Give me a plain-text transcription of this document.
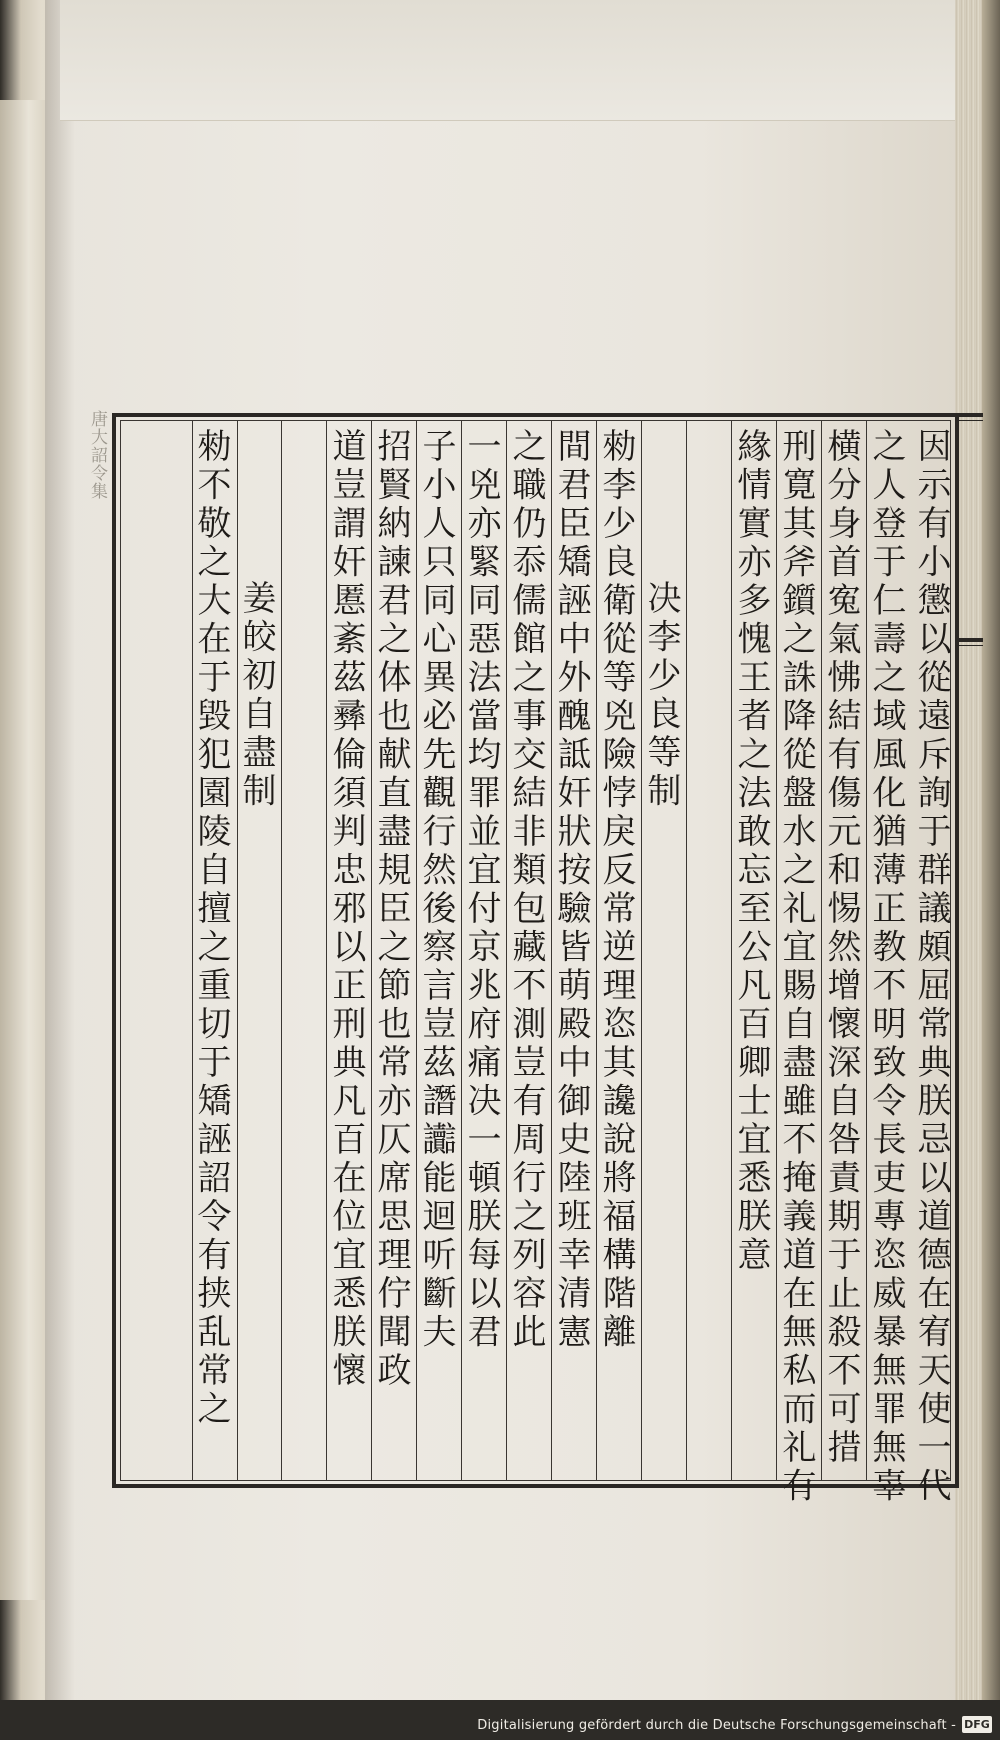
唐大詔令集	因示有小懲以從遠斥詢于群議頗屈常典朕忌以道德在宥天使一代
之人登于仁壽之域風化猶薄正教不明致令長吏專恣威暴無罪無辜
横分身首寃氣怫結有傷元和惕然增懷深自咎責期于止殺不可措
刑寛其斧鑕之誅降從盤水之礼宜賜自盡雖不掩義道在無私而礼有
緣情實亦多愧王者之法敢忘至公凡百卿士宜悉朕意
决李少良等制
勑李少良衛從等兇險悖戾反常逆理恣其讒說將福構階離
間君臣矯誣中外醜詆奸狀按驗皆萌殿中御史陸班幸清憲
之職仍忝儒館之事交結非類包藏不測豈有周行之列容此
一兇亦緊同惡法當均罪並宜付京兆府痛决一頓朕每以君
子小人只同心異必先觀行然後察言豈茲譖讟能迴听斷夫
招賢納諫君之体也献直盡規臣之節也常亦仄席思理佇聞政
道豈謂奸慝紊茲彞倫須判忠邪以正刑典凡百在位宜悉朕懷
姜皎初自盡制
勑不敬之大在于毀犯園陵自擅之重切于矯誣詔令有挟乱常之
Digitalisierung gefördert durch die Deutsche Forschungsgemeinschaft - DFG
